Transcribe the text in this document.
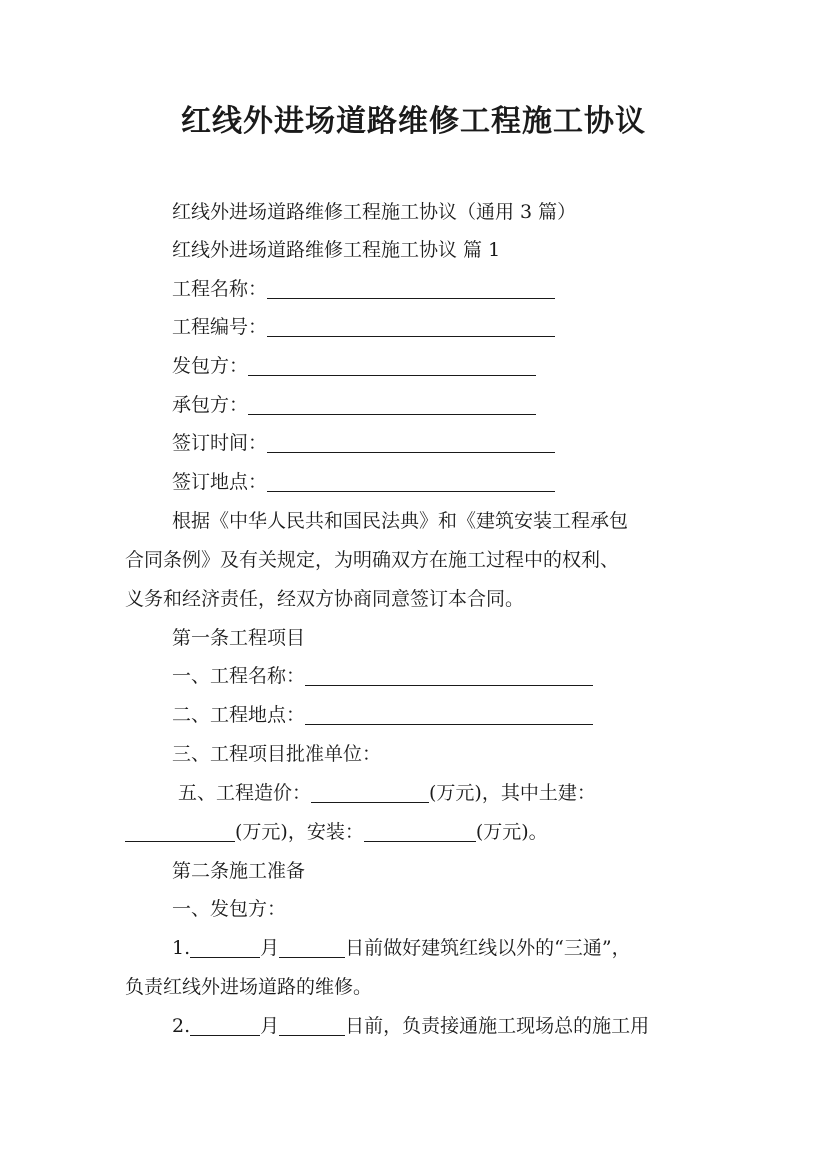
红线外进场道路维修工程施工协议
红线外进场道路维修工程施工协议（通用 3 篇）
红线外进场道路维修工程施工协议 篇 1
工程名称：
工程编号：
发包方：
承包方：
签订时间：
签订地点：
根据《中华人民共和国民法典》和《建筑安装工程承包
合同条例》及有关规定，为明确双方在施工过程中的权利、
义务和经济责任，经双方协商同意签订本合同。
第一条工程项目
一、工程名称：
二、工程地点：
三、工程项目批准单位：
五、工程造价：	(万元)，其中土建：
(万元)，安装：	(万元)。
第二条施工准备
一、发包方：
1.	月	日前做好建筑红线以外的“三通”，
负责红线外进场道路的维修。
2.	月	日前，负责接通施工现场总的施工用
